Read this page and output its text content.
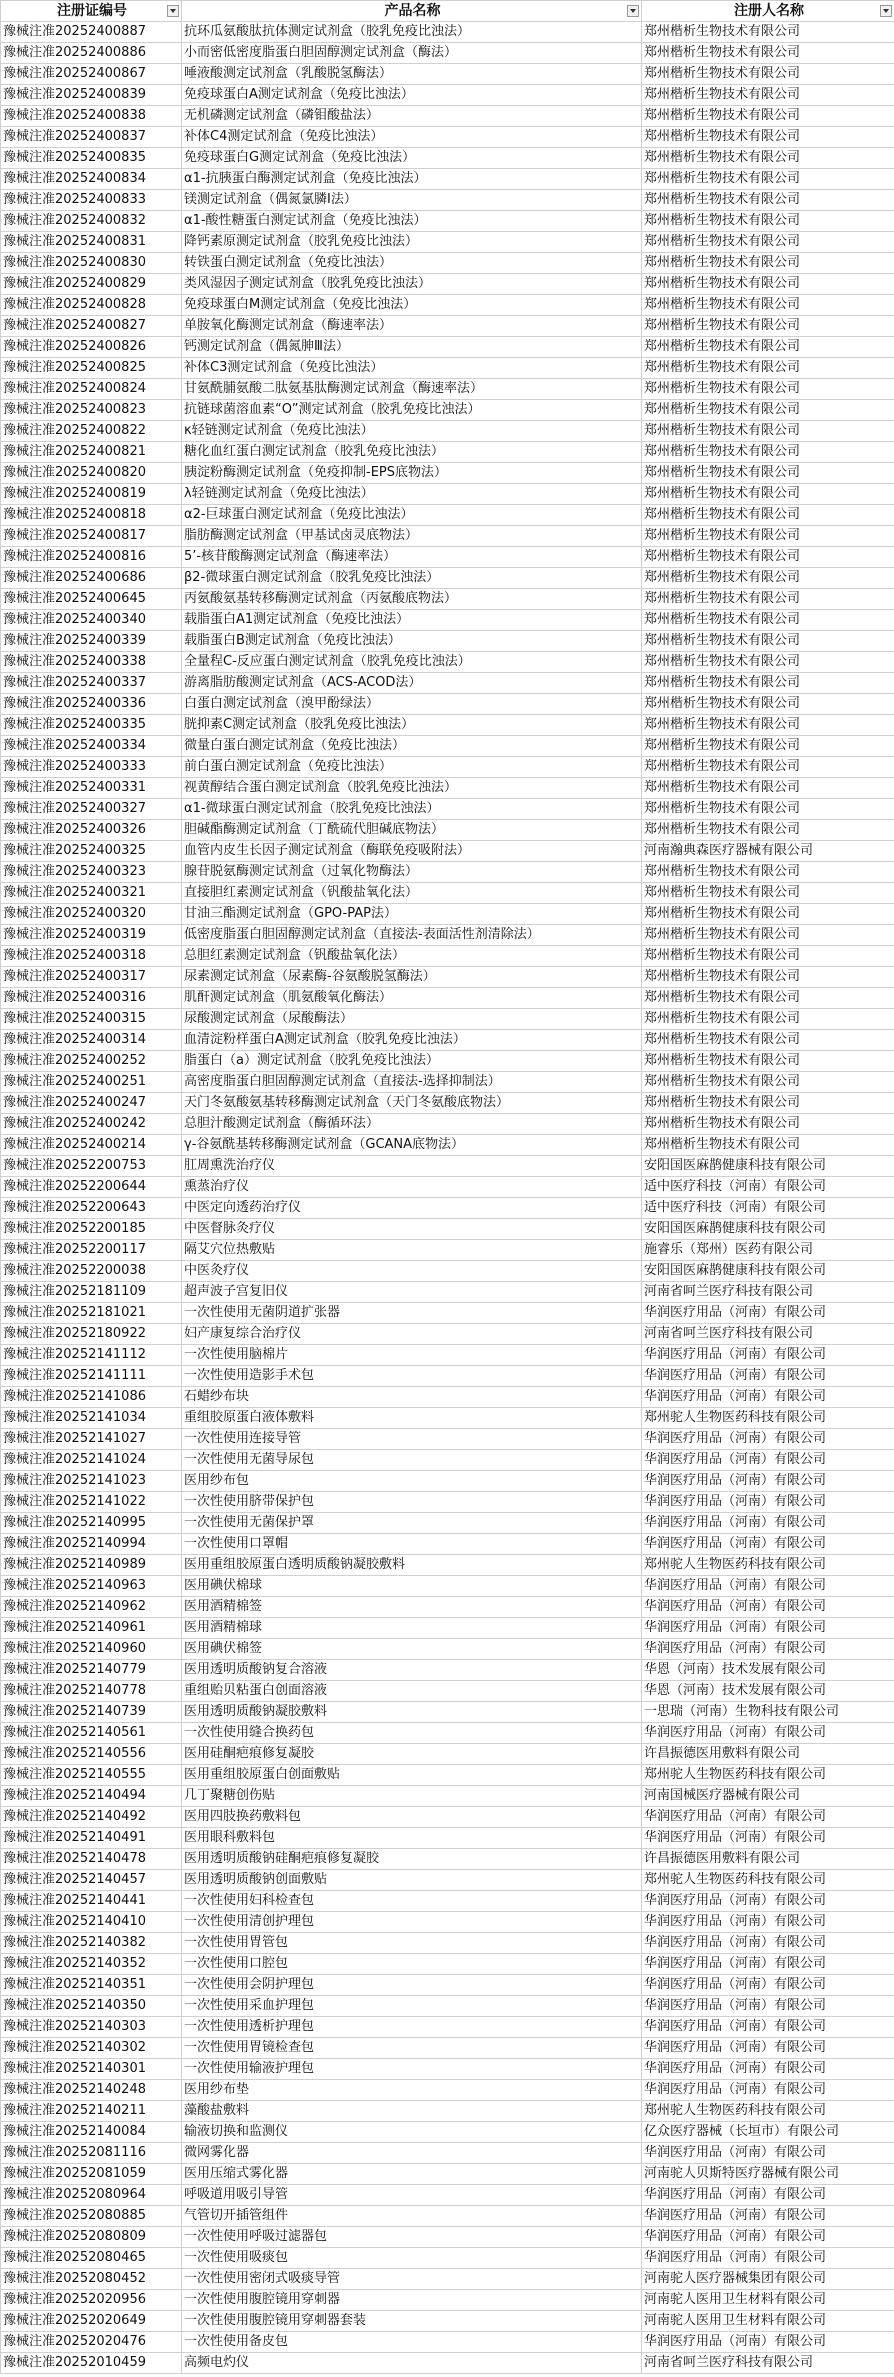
注册证编号	产品名称	注册人名称

豫械注准20252400887	抗环瓜氨酸肽抗体测定试剂盒（胶乳免疫比浊法）	郑州楷析生物技术有限公司
豫械注准20252400886	小而密低密度脂蛋白胆固醇测定试剂盒（酶法）	郑州楷析生物技术有限公司
豫械注准20252400867	唾液酸测定试剂盒（乳酸脱氢酶法）	郑州楷析生物技术有限公司
豫械注准20252400839	免疫球蛋白A测定试剂盒（免疫比浊法）	郑州楷析生物技术有限公司
豫械注准20252400838	无机磷测定试剂盒（磷钼酸盐法）	郑州楷析生物技术有限公司
豫械注准20252400837	补体C4测定试剂盒（免疫比浊法）	郑州楷析生物技术有限公司
豫械注准20252400835	免疫球蛋白G测定试剂盒（免疫比浊法）	郑州楷析生物技术有限公司
豫械注准20252400834	α1-抗胰蛋白酶测定试剂盒（免疫比浊法）	郑州楷析生物技术有限公司
豫械注准20252400833	镁测定试剂盒（偶氮氯膦Ⅰ法）	郑州楷析生物技术有限公司
豫械注准20252400832	α1-酸性糖蛋白测定试剂盒（免疫比浊法）	郑州楷析生物技术有限公司
豫械注准20252400831	降钙素原测定试剂盒（胶乳免疫比浊法）	郑州楷析生物技术有限公司
豫械注准20252400830	转铁蛋白测定试剂盒（免疫比浊法）	郑州楷析生物技术有限公司
豫械注准20252400829	类风湿因子测定试剂盒（胶乳免疫比浊法）	郑州楷析生物技术有限公司
豫械注准20252400828	免疫球蛋白M测定试剂盒（免疫比浊法）	郑州楷析生物技术有限公司
豫械注准20252400827	单胺氧化酶测定试剂盒（酶速率法）	郑州楷析生物技术有限公司
豫械注准20252400826	钙测定试剂盒（偶氮胂Ⅲ法）	郑州楷析生物技术有限公司
豫械注准20252400825	补体C3测定试剂盒（免疫比浊法）	郑州楷析生物技术有限公司
豫械注准20252400824	甘氨酰脯氨酸二肽氨基肽酶测定试剂盒（酶速率法）	郑州楷析生物技术有限公司
豫械注准20252400823	抗链球菌溶血素“O”测定试剂盒（胶乳免疫比浊法）	郑州楷析生物技术有限公司
豫械注准20252400822	κ轻链测定试剂盒（免疫比浊法）	郑州楷析生物技术有限公司
豫械注准20252400821	糖化血红蛋白测定试剂盒（胶乳免疫比浊法）	郑州楷析生物技术有限公司
豫械注准20252400820	胰淀粉酶测定试剂盒（免疫抑制-EPS底物法）	郑州楷析生物技术有限公司
豫械注准20252400819	λ轻链测定试剂盒（免疫比浊法）	郑州楷析生物技术有限公司
豫械注准20252400818	α2-巨球蛋白测定试剂盒（免疫比浊法）	郑州楷析生物技术有限公司
豫械注准20252400817	脂肪酶测定试剂盒（甲基试卤灵底物法）	郑州楷析生物技术有限公司
豫械注准20252400816	5’-核苷酸酶测定试剂盒（酶速率法）	郑州楷析生物技术有限公司
豫械注准20252400686	β2-微球蛋白测定试剂盒（胶乳免疫比浊法）	郑州楷析生物技术有限公司
豫械注准20252400645	丙氨酸氨基转移酶测定试剂盒（丙氨酸底物法）	郑州楷析生物技术有限公司
豫械注准20252400340	载脂蛋白A1测定试剂盒（免疫比浊法）	郑州楷析生物技术有限公司
豫械注准20252400339	载脂蛋白B测定试剂盒（免疫比浊法）	郑州楷析生物技术有限公司
豫械注准20252400338	全量程C-反应蛋白测定试剂盒（胶乳免疫比浊法）	郑州楷析生物技术有限公司
豫械注准20252400337	游离脂肪酸测定试剂盒（ACS-ACOD法）	郑州楷析生物技术有限公司
豫械注准20252400336	白蛋白测定试剂盒（溴甲酚绿法）	郑州楷析生物技术有限公司
豫械注准20252400335	胱抑素C测定试剂盒（胶乳免疫比浊法）	郑州楷析生物技术有限公司
豫械注准20252400334	微量白蛋白测定试剂盒（免疫比浊法）	郑州楷析生物技术有限公司
豫械注准20252400333	前白蛋白测定试剂盒（免疫比浊法）	郑州楷析生物技术有限公司
豫械注准20252400331	视黄醇结合蛋白测定试剂盒（胶乳免疫比浊法）	郑州楷析生物技术有限公司
豫械注准20252400327	α1-微球蛋白测定试剂盒（胶乳免疫比浊法）	郑州楷析生物技术有限公司
豫械注准20252400326	胆碱酯酶测定试剂盒（丁酰硫代胆碱底物法）	郑州楷析生物技术有限公司
豫械注准20252400325	血管内皮生长因子测定试剂盒（酶联免疫吸附法）	河南瀚典森医疗器械有限公司
豫械注准20252400323	腺苷脱氨酶测定试剂盒（过氧化物酶法）	郑州楷析生物技术有限公司
豫械注准20252400321	直接胆红素测定试剂盒（钒酸盐氧化法）	郑州楷析生物技术有限公司
豫械注准20252400320	甘油三酯测定试剂盒（GPO-PAP法）	郑州楷析生物技术有限公司
豫械注准20252400319	低密度脂蛋白胆固醇测定试剂盒（直接法-表面活性剂清除法）	郑州楷析生物技术有限公司
豫械注准20252400318	总胆红素测定试剂盒（钒酸盐氧化法）	郑州楷析生物技术有限公司
豫械注准20252400317	尿素测定试剂盒（尿素酶-谷氨酸脱氢酶法）	郑州楷析生物技术有限公司
豫械注准20252400316	肌酐测定试剂盒（肌氨酸氧化酶法）	郑州楷析生物技术有限公司
豫械注准20252400315	尿酸测定试剂盒（尿酸酶法）	郑州楷析生物技术有限公司
豫械注准20252400314	血清淀粉样蛋白A测定试剂盒（胶乳免疫比浊法）	郑州楷析生物技术有限公司
豫械注准20252400252	脂蛋白（a）测定试剂盒（胶乳免疫比浊法）	郑州楷析生物技术有限公司
豫械注准20252400251	高密度脂蛋白胆固醇测定试剂盒（直接法-选择抑制法）	郑州楷析生物技术有限公司
豫械注准20252400247	天门冬氨酸氨基转移酶测定试剂盒（天门冬氨酸底物法）	郑州楷析生物技术有限公司
豫械注准20252400242	总胆汁酸测定试剂盒（酶循环法）	郑州楷析生物技术有限公司
豫械注准20252400214	γ-谷氨酰基转移酶测定试剂盒（GCANA底物法）	郑州楷析生物技术有限公司
豫械注准20252200753	肛周熏洗治疗仪	安阳国医麻鹊健康科技有限公司
豫械注准20252200644	熏蒸治疗仪	适中医疗科技（河南）有限公司
豫械注准20252200643	中医定向透药治疗仪	适中医疗科技（河南）有限公司
豫械注准20252200185	中医督脉灸疗仪	安阳国医麻鹊健康科技有限公司
豫械注准20252200117	隔艾穴位热敷贴	施睿乐（郑州）医药有限公司
豫械注准20252200038	中医灸疗仪	安阳国医麻鹊健康科技有限公司
豫械注准20252181109	超声波子宫复旧仪	河南省呵兰医疗科技有限公司
豫械注准20252181021	一次性使用无菌阴道扩张器	华润医疗用品（河南）有限公司
豫械注准20252180922	妇产康复综合治疗仪	河南省呵兰医疗科技有限公司
豫械注准20252141112	一次性使用脑棉片	华润医疗用品（河南）有限公司
豫械注准20252141111	一次性使用造影手术包	华润医疗用品（河南）有限公司
豫械注准20252141086	石蜡纱布块	华润医疗用品（河南）有限公司
豫械注准20252141034	重组胶原蛋白液体敷料	郑州驼人生物医药科技有限公司
豫械注准20252141027	一次性使用连接导管	华润医疗用品（河南）有限公司
豫械注准20252141024	一次性使用无菌导尿包	华润医疗用品（河南）有限公司
豫械注准20252141023	医用纱布包	华润医疗用品（河南）有限公司
豫械注准20252141022	一次性使用脐带保护包	华润医疗用品（河南）有限公司
豫械注准20252140995	一次性使用无菌保护罩	华润医疗用品（河南）有限公司
豫械注准20252140994	一次性使用口罩帽	华润医疗用品（河南）有限公司
豫械注准20252140989	医用重组胶原蛋白透明质酸钠凝胶敷料	郑州驼人生物医药科技有限公司
豫械注准20252140963	医用碘伏棉球	华润医疗用品（河南）有限公司
豫械注准20252140962	医用酒精棉签	华润医疗用品（河南）有限公司
豫械注准20252140961	医用酒精棉球	华润医疗用品（河南）有限公司
豫械注准20252140960	医用碘伏棉签	华润医疗用品（河南）有限公司
豫械注准20252140779	医用透明质酸钠复合溶液	华恩（河南）技术发展有限公司
豫械注准20252140778	重组贻贝粘蛋白创面溶液	华恩（河南）技术发展有限公司
豫械注准20252140739	医用透明质酸钠凝胶敷料	一思瑞（河南）生物科技有限公司
豫械注准20252140561	一次性使用缝合换药包	华润医疗用品（河南）有限公司
豫械注准20252140556	医用硅酮疤痕修复凝胶	许昌振德医用敷料有限公司
豫械注准20252140555	医用重组胶原蛋白创面敷贴	郑州驼人生物医药科技有限公司
豫械注准20252140494	几丁聚糖创伤贴	河南国械医疗器械有限公司
豫械注准20252140492	医用四肢换药敷料包	华润医疗用品（河南）有限公司
豫械注准20252140491	医用眼科敷料包	华润医疗用品（河南）有限公司
豫械注准20252140478	医用透明质酸钠硅酮疤痕修复凝胶	许昌振德医用敷料有限公司
豫械注准20252140457	医用透明质酸钠创面敷贴	郑州驼人生物医药科技有限公司
豫械注准20252140441	一次性使用妇科检查包	华润医疗用品（河南）有限公司
豫械注准20252140410	一次性使用清创护理包	华润医疗用品（河南）有限公司
豫械注准20252140382	一次性使用胃管包	华润医疗用品（河南）有限公司
豫械注准20252140352	一次性使用口腔包	华润医疗用品（河南）有限公司
豫械注准20252140351	一次性使用会阴护理包	华润医疗用品（河南）有限公司
豫械注准20252140350	一次性使用采血护理包	华润医疗用品（河南）有限公司
豫械注准20252140303	一次性使用透析护理包	华润医疗用品（河南）有限公司
豫械注准20252140302	一次性使用胃镜检查包	华润医疗用品（河南）有限公司
豫械注准20252140301	一次性使用输液护理包	华润医疗用品（河南）有限公司
豫械注准20252140248	医用纱布垫	华润医疗用品（河南）有限公司
豫械注准20252140211	藻酸盐敷料	郑州驼人生物医药科技有限公司
豫械注准20252140084	输液切换和监测仪	亿众医疗器械（长垣市）有限公司
豫械注准20252081116	微网雾化器	华润医疗用品（河南）有限公司
豫械注准20252081059	医用压缩式雾化器	河南驼人贝斯特医疗器械有限公司
豫械注准20252080964	呼吸道用吸引导管	华润医疗用品（河南）有限公司
豫械注准20252080885	气管切开插管组件	华润医疗用品（河南）有限公司
豫械注准20252080809	一次性使用呼吸过滤器包	华润医疗用品（河南）有限公司
豫械注准20252080465	一次性使用吸痰包	华润医疗用品（河南）有限公司
豫械注准20252080452	一次性使用密闭式吸痰导管	河南驼人医疗器械集团有限公司
豫械注准20252020956	一次性使用腹腔镜用穿刺器	河南驼人医用卫生材料有限公司
豫械注准20252020649	一次性使用腹腔镜用穿刺器套装	河南驼人医用卫生材料有限公司
豫械注准20252020476	一次性使用备皮包	华润医疗用品（河南）有限公司
豫械注准20252010459	高频电灼仪	河南省呵兰医疗科技有限公司
